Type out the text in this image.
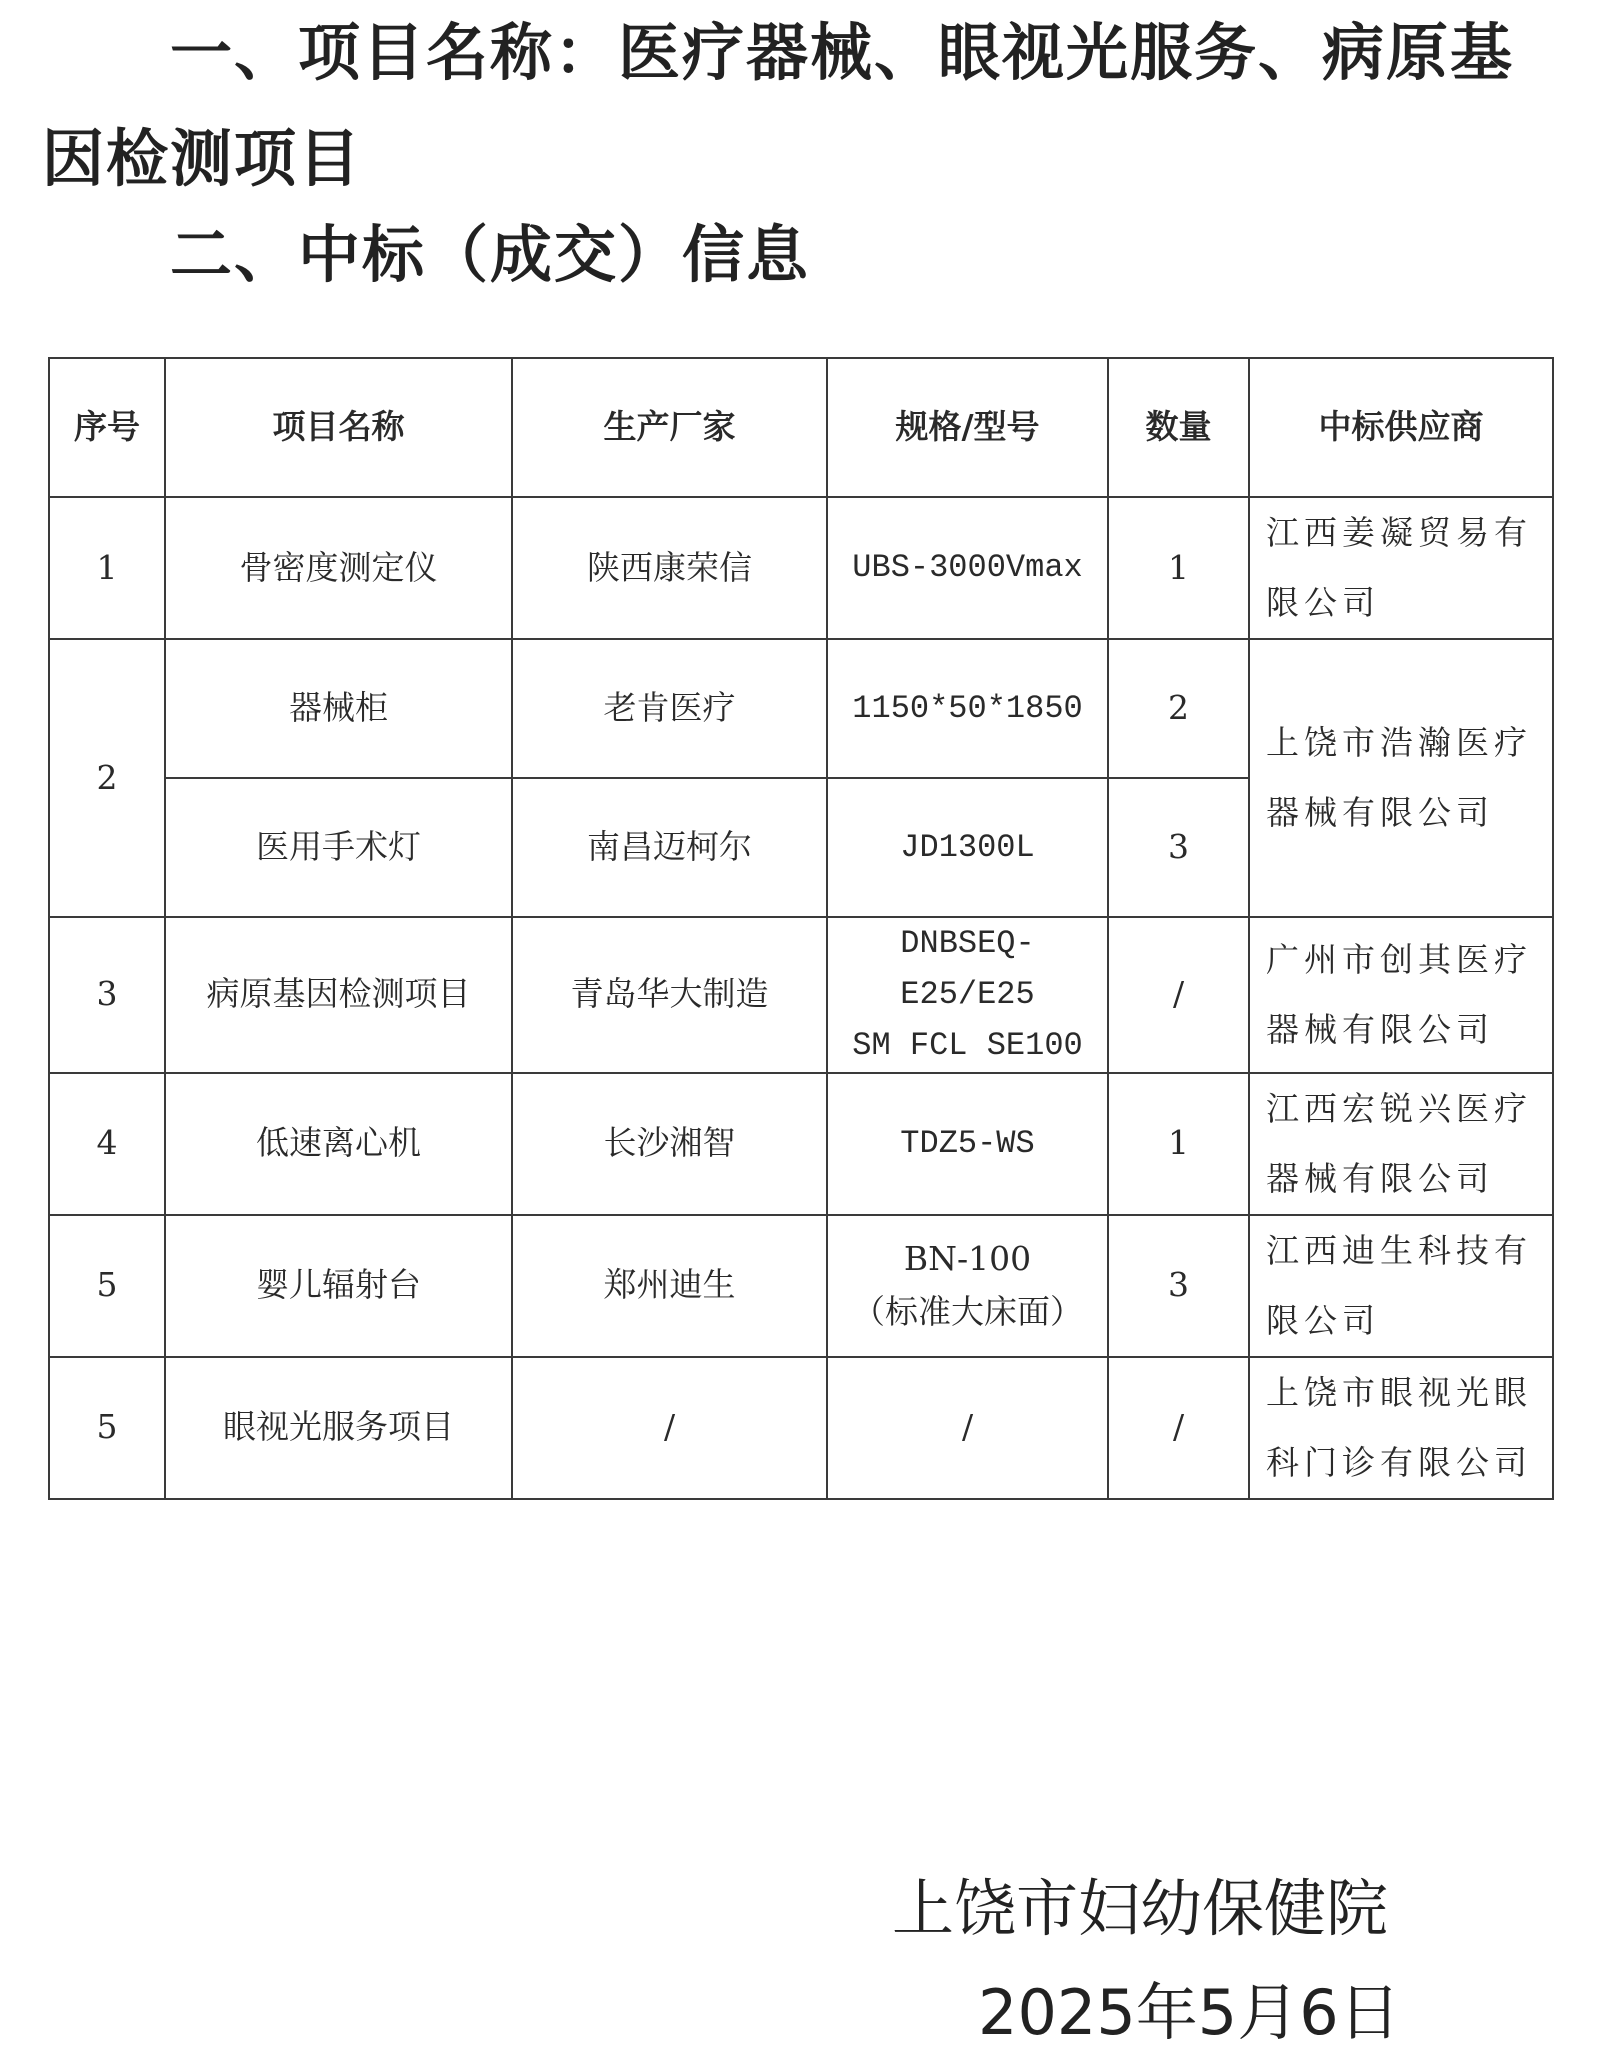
一、项目名称：医疗器械、眼视光服务、病原基
因检测项目
二、中标（成交）信息
序号	项目名称	生产厂家	规格/型号	数量	中标供应商
1	骨密度测定仪	陕西康荣信	UBS-3000Vmax	1	江西姜凝贸易有
限公司

2	器械柜	老肯医疗	1150*50*1850	2	上饶市浩瀚医疗
器械有限公司

	医用手术灯	南昌迈柯尔	JD1300L	3	
3	病原基因检测项目	青岛华大制造	DNBSEQ-E25/E25
SM FCL SE100	/	广州市创其医疗
器械有限公司

4	低速离心机	长沙湘智	TDZ5-WS	1	江西宏锐兴医疗
器械有限公司

5	婴儿辐射台	郑州迪生	BN-100
（标准大床面）	3	江西迪生科技有
限公司

5	眼视光服务项目	/	/	/	上饶市眼视光眼
科门诊有限公司
上饶市妇幼保健院
2025年5月6日
